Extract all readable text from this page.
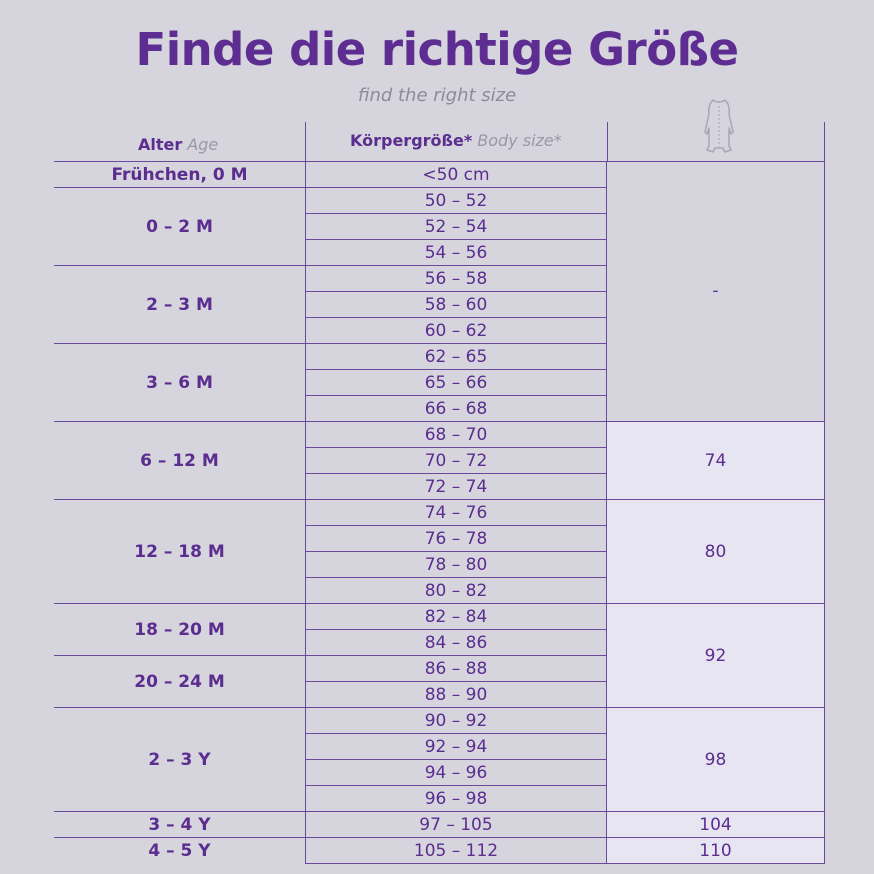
Finde die richtige Größe
find the right size
Alter Age	Körpergröße* Body size*
<50 cm
50 – 52
52 – 54
54 – 56
56 – 58
58 – 60
60 – 62
62 – 65
65 – 66
66 – 68
68 – 70
70 – 72
72 – 74
74 – 76
76 – 78
78 – 80
80 – 82
82 – 84
84 – 86
86 – 88
88 – 90
90 – 92
92 – 94
94 – 96
96 – 98
97 – 105
105 – 112
Frühchen, 0 M
0 – 2 M
2 – 3 M
3 – 6 M
6 – 12 M
12 – 18 M
18 – 20 M
20 – 24 M
2 – 3 Y
3 – 4 Y
4 – 5 Y
-
74
80
92
98
104
110
